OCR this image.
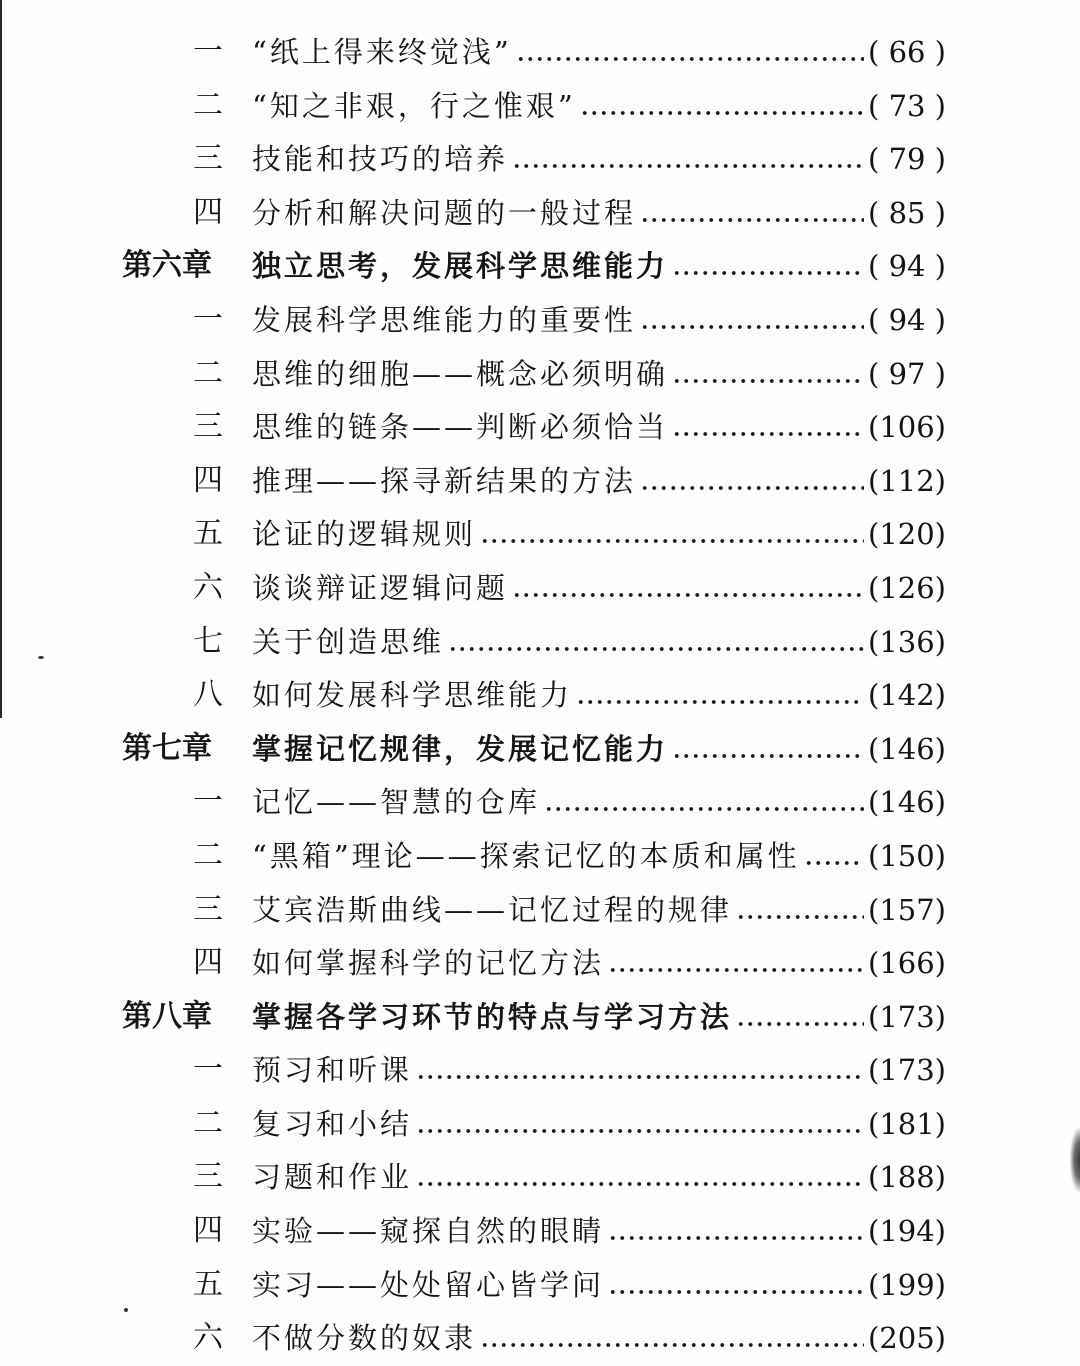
一 “纸上得来终觉浅”	( 66 )
二 “知之非艰，行之惟艰”	( 73 )
三 技能和技巧的培养	( 79 )
四 分析和解决问题的一般过程	( 85 )
第六章 独立思考，发展科学思维能力	( 94 )
一 发展科学思维能力的重要性	( 94 )
二 思维的细胞——概念必须明确	( 97 )
三 思维的链条——判断必须恰当	(106)
四 推理——探寻新结果的方法	(112)
五 论证的逻辑规则	(120)
六 谈谈辩证逻辑问题	(126)
七 关于创造思维	(136)
八 如何发展科学思维能力	(142)
第七章 掌握记忆规律，发展记忆能力	(146)
一 记忆——智慧的仓库	(146)
二 “黑箱”理论——探索记忆的本质和属性 (150)
三 艾宾浩斯曲线——记忆过程的规律	(157)
四 如何掌握科学的记忆方法	(166)
第八章 掌握各学习环节的特点与学习方法	(173)
一 预习和听课	(173)
二 复习和小结	(181)
三 习题和作业	(188)
四 实验——窥探自然的眼睛	(194)
五 实习——处处留心皆学问	(199)
六 不做分数的奴隶	(205)
